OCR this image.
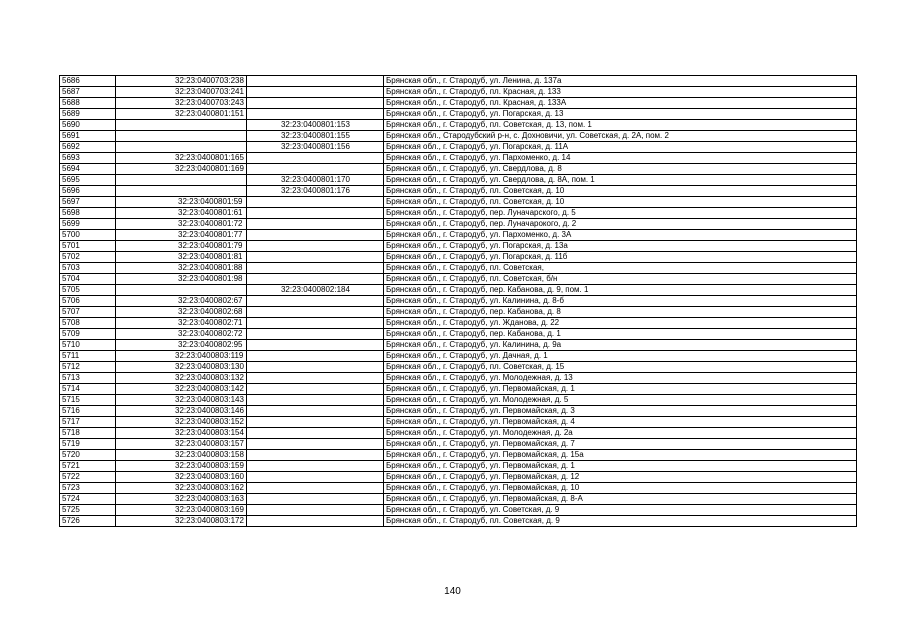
5686	32:23:0400703:238		Брянская обл., г. Стародуб, ул. Ленина, д. 137а
5687	32:23:0400703:241		Брянская обл., г. Стародуб, пл. Красная, д. 133
5688	32:23:0400703:243		Брянская обл., г. Стародуб, пл. Красная, д. 133А
5689	32:23:0400801:151		Брянская обл., г. Стародуб, ул. Погарская, д. 13
5690		32:23:0400801:153	Брянская обл., г. Стародуб, пл. Советская, д. 13, пом. 1
5691		32:23:0400801:155	Брянская обл., Стародубский р-н, с. Дохновичи, ул. Советская, д. 2А, пом. 2
5692		32:23:0400801:156	Брянская обл., г. Стародуб, ул. Погарская, д. 11А
5693	32:23:0400801:165		Брянская обл., г. Стародуб, ул. Пархоменко, д. 14
5694	32:23:0400801:169		Брянская обл., г. Стародуб, ул. Свердлова, д. 8
5695		32:23:0400801:170	Брянская обл., г. Стародуб, ул. Свердлова, д. 8А, пом. 1
5696		32:23:0400801:176	Брянская обл., г. Стародуб, пл. Советская, д. 10
5697	32:23:0400801:59		Брянская обл., г. Стародуб, пл. Советская, д. 10
5698	32:23:0400801:61		Брянская обл., г. Стародуб, пер. Луначарского, д. 5
5699	32:23:0400801:72		Брянская обл., г. Стародуб, пер. Луначарокого, д. 2
5700	32:23:0400801:77		Брянская обл., г. Стародуб, ул. Пархоменко, д. 3А
5701	32:23:0400801:79		Брянская обл., г. Стародуб, ул. Погарская, д. 13а
5702	32:23:0400801:81		Брянская обл., г. Стародуб, ул. Погарская, д. 11б
5703	32:23:0400801:88		Брянская обл., г. Стародуб, пл. Советская,
5704	32:23:0400801:98		Брянская обл., г. Стародуб, пл. Советская, б/н
5705		32:23:0400802:184	Брянская обл., г. Стародуб, пер. Кабанова, д. 9, пом. 1
5706	32:23:0400802:67		Брянская обл., г. Стародуб, ул. Калинина, д. 8-б
5707	32:23:0400802:68		Брянская обл., г. Стародуб, пер. Кабанова, д. 8
5708	32:23:0400802:71		Брянская обл., г. Стародуб, ул. Жданова, д. 22
5709	32:23:0400802:72		Брянская обл., г. Стародуб, пер. Кабанова, д. 1
5710	32:23:0400802:95		Брянская обл., г. Стародуб, ул. Калинина, д. 9а
5711	32:23:0400803:119		Брянская обл., г. Стародуб, ул. Дачная, д. 1
5712	32:23:0400803:130		Брянская обл., г. Стародуб, пл. Советская, д. 15
5713	32:23:0400803:132		Брянская обл., г. Стародуб, ул. Молодежная, д. 13
5714	32:23:0400803:142		Брянская обл., г. Стародуб, ул. Первомайская, д. 1
5715	32:23:0400803:143		Брянская обл., г. Стародуб, ул. Молодежная, д. 5
5716	32:23:0400803:146		Брянская обл., г. Стародуб, ул. Первомайская, д. 3
5717	32:23:0400803:152		Брянская обл., г. Стародуб, ул. Первомайская, д. 4
5718	32:23:0400803:154		Брянская обл., г. Стародуб, ул. Молодежная, д. 2а
5719	32:23:0400803:157		Брянская обл., г. Стародуб, ул. Первомайская, д. 7
5720	32:23:0400803:158		Брянская обл., г. Стародуб, ул. Первомайская, д. 15а
5721	32:23:0400803:159		Брянская обл., г. Стародуб, ул. Первомайская, д. 1
5722	32:23:0400803:160		Брянская обл., г. Стародуб, ул. Первомайская, д. 12
5723	32:23:0400803:162		Брянская обл., г. Стародуб, ул. Первомайская, д. 10
5724	32:23:0400803:163		Брянская обл., г. Стародуб, ул. Первомайская, д. 8-А
5725	32:23:0400803:169		Брянская обл., г. Стародуб, ул. Советская, д. 9
5726	32:23:0400803:172		Брянская обл., г. Стародуб, пл. Советская, д. 9
140
